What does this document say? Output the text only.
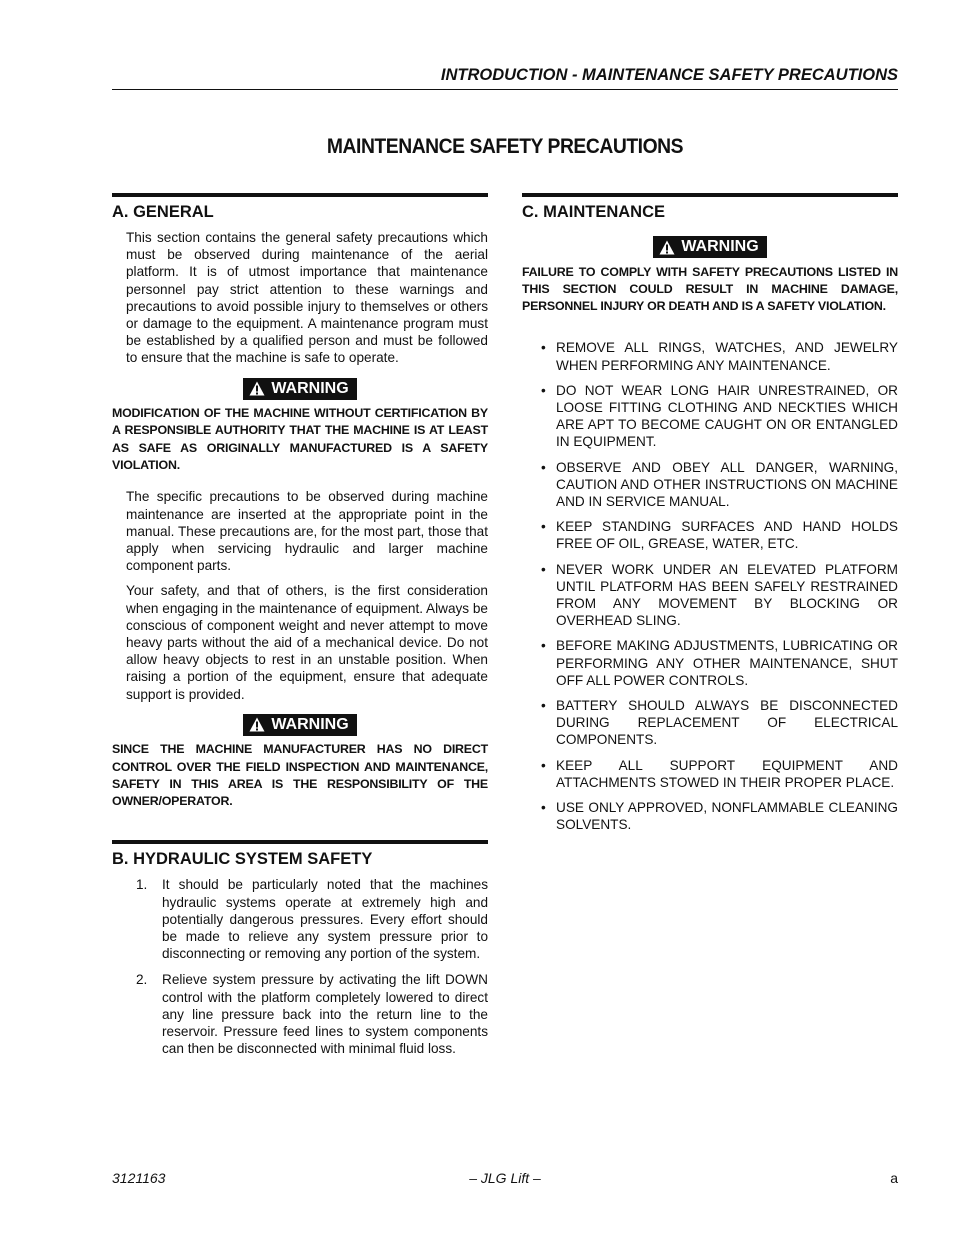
INTRODUCTION - MAINTENANCE SAFETY PRECAUTIONS
MAINTENANCE SAFETY PRECAUTIONS
A. GENERAL

This section contains the general safety precautions which must be observed during maintenance of the aerial platform. It is of utmost importance that maintenance personnel pay strict attention to these warnings and precautions to avoid possible injury to themselves or others or damage to the equipment. A maintenance program must be established by a qualified person and must be followed to ensure that the machine is safe to operate.

WARNING
MODIFICATION OF THE MACHINE WITHOUT CERTIFICATION BY A RESPONSIBLE AUTHORITY THAT THE MACHINE IS AT LEAST AS SAFE AS ORIGINALLY MANUFACTURED IS A SAFETY VIOLATION.

The specific precautions to be observed during machine maintenance are inserted at the appropriate point in the manual. These precautions are, for the most part, those that apply when servicing hydraulic and larger machine component parts.

Your safety, and that of others, is the first consideration when engaging in the maintenance of equipment. Always be conscious of component weight and never attempt to move heavy parts without the aid of a mechanical device. Do not allow heavy objects to rest in an unstable position. When raising a portion of the equipment, ensure that adequate support is provided.

WARNING
SINCE THE MACHINE MANUFACTURER HAS NO DIRECT CONTROL OVER THE FIELD INSPECTION AND MAINTENANCE, SAFETY IN THIS AREA IS THE RESPONSIBILITY OF THE OWNER/OPERATOR.
B. HYDRAULIC SYSTEM SAFETY
1.	It should be particularly noted that the machines hydraulic systems operate at extremely high and potentially dangerous pressures. Every effort should be made to relieve any system pressure prior to disconnecting or removing any portion of the system.
2.	Relieve system pressure by activating the lift DOWN control with the platform completely lowered to direct any line pressure back into the return line to the reservoir. Pressure feed lines to system components can then be disconnected with minimal fluid loss.
C. MAINTENANCE
WARNING
FAILURE TO COMPLY WITH SAFETY PRECAUTIONS LISTED IN THIS SECTION COULD RESULT IN MACHINE DAMAGE, PERSONNEL INJURY OR DEATH AND IS A SAFETY VIOLATION.
• REMOVE ALL RINGS, WATCHES, AND JEWELRY WHEN PERFORMING ANY MAINTENANCE.
• DO NOT WEAR LONG HAIR UNRESTRAINED, OR LOOSE FITTING CLOTHING AND NECKTIES WHICH ARE APT TO BECOME CAUGHT ON OR ENTANGLED IN EQUIPMENT.
• OBSERVE AND OBEY ALL DANGER, WARNING, CAUTION AND OTHER INSTRUCTIONS ON MACHINE AND IN SERVICE MANUAL.
• KEEP STANDING SURFACES AND HAND HOLDS FREE OF OIL, GREASE, WATER, ETC.
• NEVER WORK UNDER AN ELEVATED PLATFORM UNTIL PLATFORM HAS BEEN SAFELY RESTRAINED FROM ANY MOVEMENT BY BLOCKING OR OVERHEAD SLING.
• BEFORE MAKING ADJUSTMENTS, LUBRICATING OR PERFORMING ANY OTHER MAINTENANCE, SHUT OFF ALL POWER CONTROLS.
• BATTERY SHOULD ALWAYS BE DISCONNECTED DURING REPLACEMENT OF ELECTRICAL COMPONENTS.
• KEEP ALL SUPPORT EQUIPMENT AND ATTACHMENTS STOWED IN THEIR PROPER PLACE.
• USE ONLY APPROVED, NONFLAMMABLE CLEANING SOLVENTS.
3121163	– JLG Lift –	a
